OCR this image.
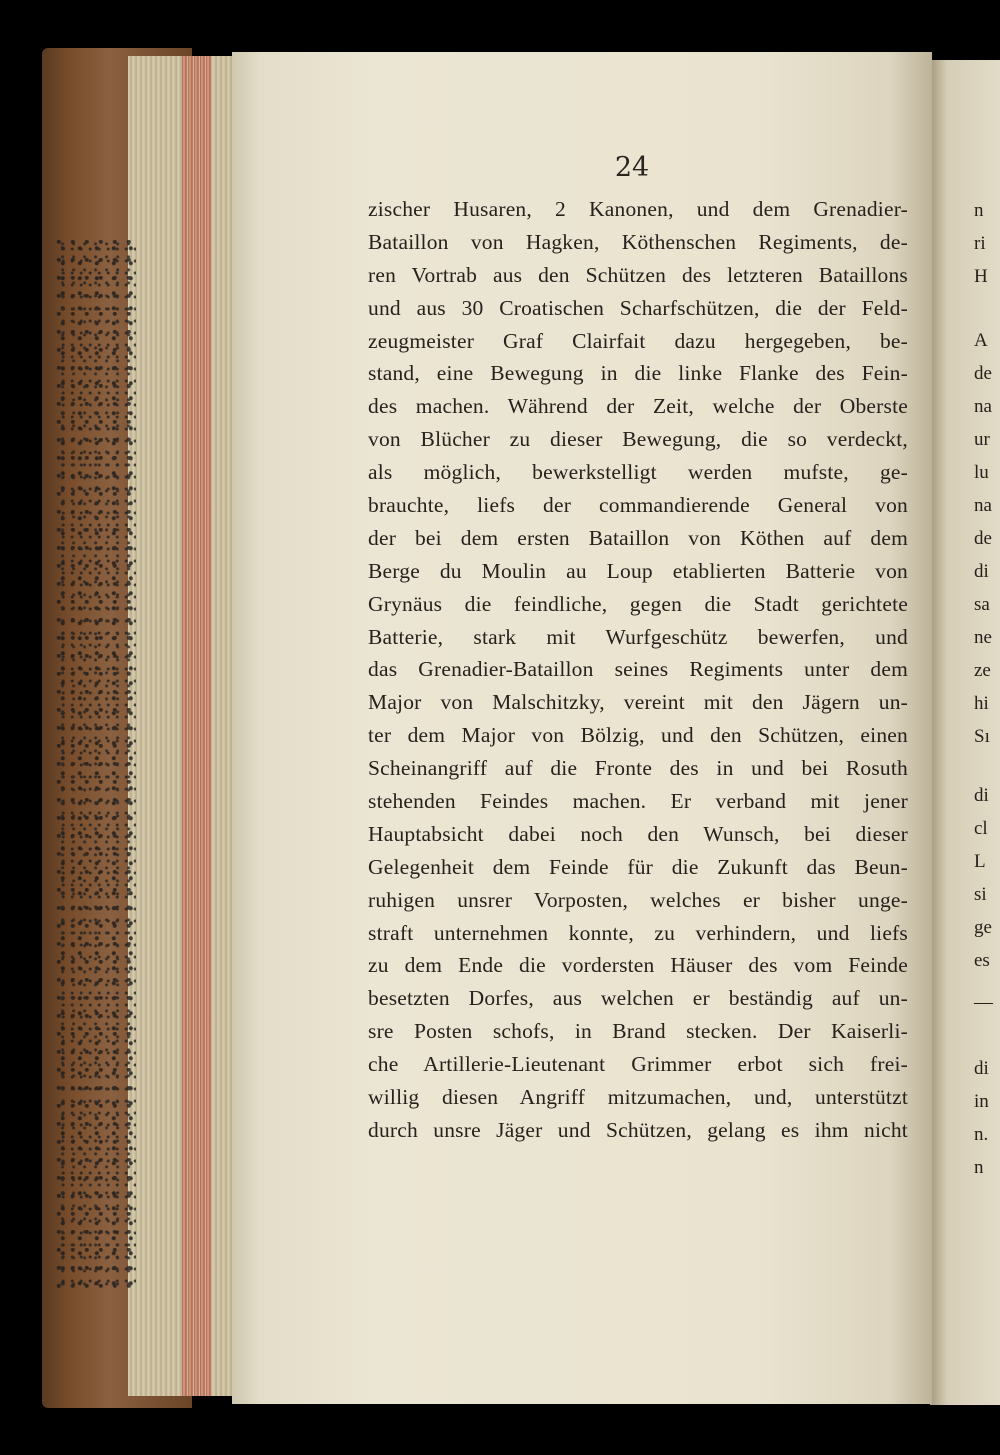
24
zischer Husaren, 2 Kanonen, und dem Grenadier-
Bataillon von Hagken, Köthenschen Regiments, de-
ren Vortrab aus den Schützen des letzteren Bataillons
und aus 30 Croatischen Scharfschützen, die der Feld-
zeugmeister Graf Clairfait dazu hergegeben, be-
stand, eine Bewegung in die linke Flanke des Fein-
des machen. Während der Zeit, welche der Oberste
von Blücher zu dieser Bewegung, die so verdeckt,
als möglich, bewerkstelligt werden mufste, ge-
brauchte, liefs der commandierende General von
der bei dem ersten Bataillon von Köthen auf dem
Berge du Moulin au Loup etablierten Batterie von
Grynäus die feindliche, gegen die Stadt gerichtete
Batterie, stark mit Wurfgeschütz bewerfen, und
das Grenadier-Bataillon seines Regiments unter dem
Major von Malschitzky, vereint mit den Jägern un-
ter dem Major von Bölzig, und den Schützen, einen
Scheinangriff auf die Fronte des in und bei Rosuth
stehenden Feindes machen. Er verband mit jener
Hauptabsicht dabei noch den Wunsch, bei dieser
Gelegenheit dem Feinde für die Zukunft das Beun-
ruhigen unsrer Vorposten, welches er bisher unge-
straft unternehmen konnte, zu verhindern, und liefs
zu dem Ende die vordersten Häuser des vom Feinde
besetzten Dorfes, aus welchen er beständig auf un-
sre Posten schofs, in Brand stecken. Der Kaiserli-
che Artillerie-Lieutenant Grimmer erbot sich frei-
willig diesen Angriff mitzumachen, und, unterstützt
durch unsre Jäger und Schützen, gelang es ihm nicht
n
ri
H
A
de
na
ur
lu
na
de
di
sa
ne
ze
hi
Sı
di
cl
L
si
ge
es
—
di
in
n.
n
